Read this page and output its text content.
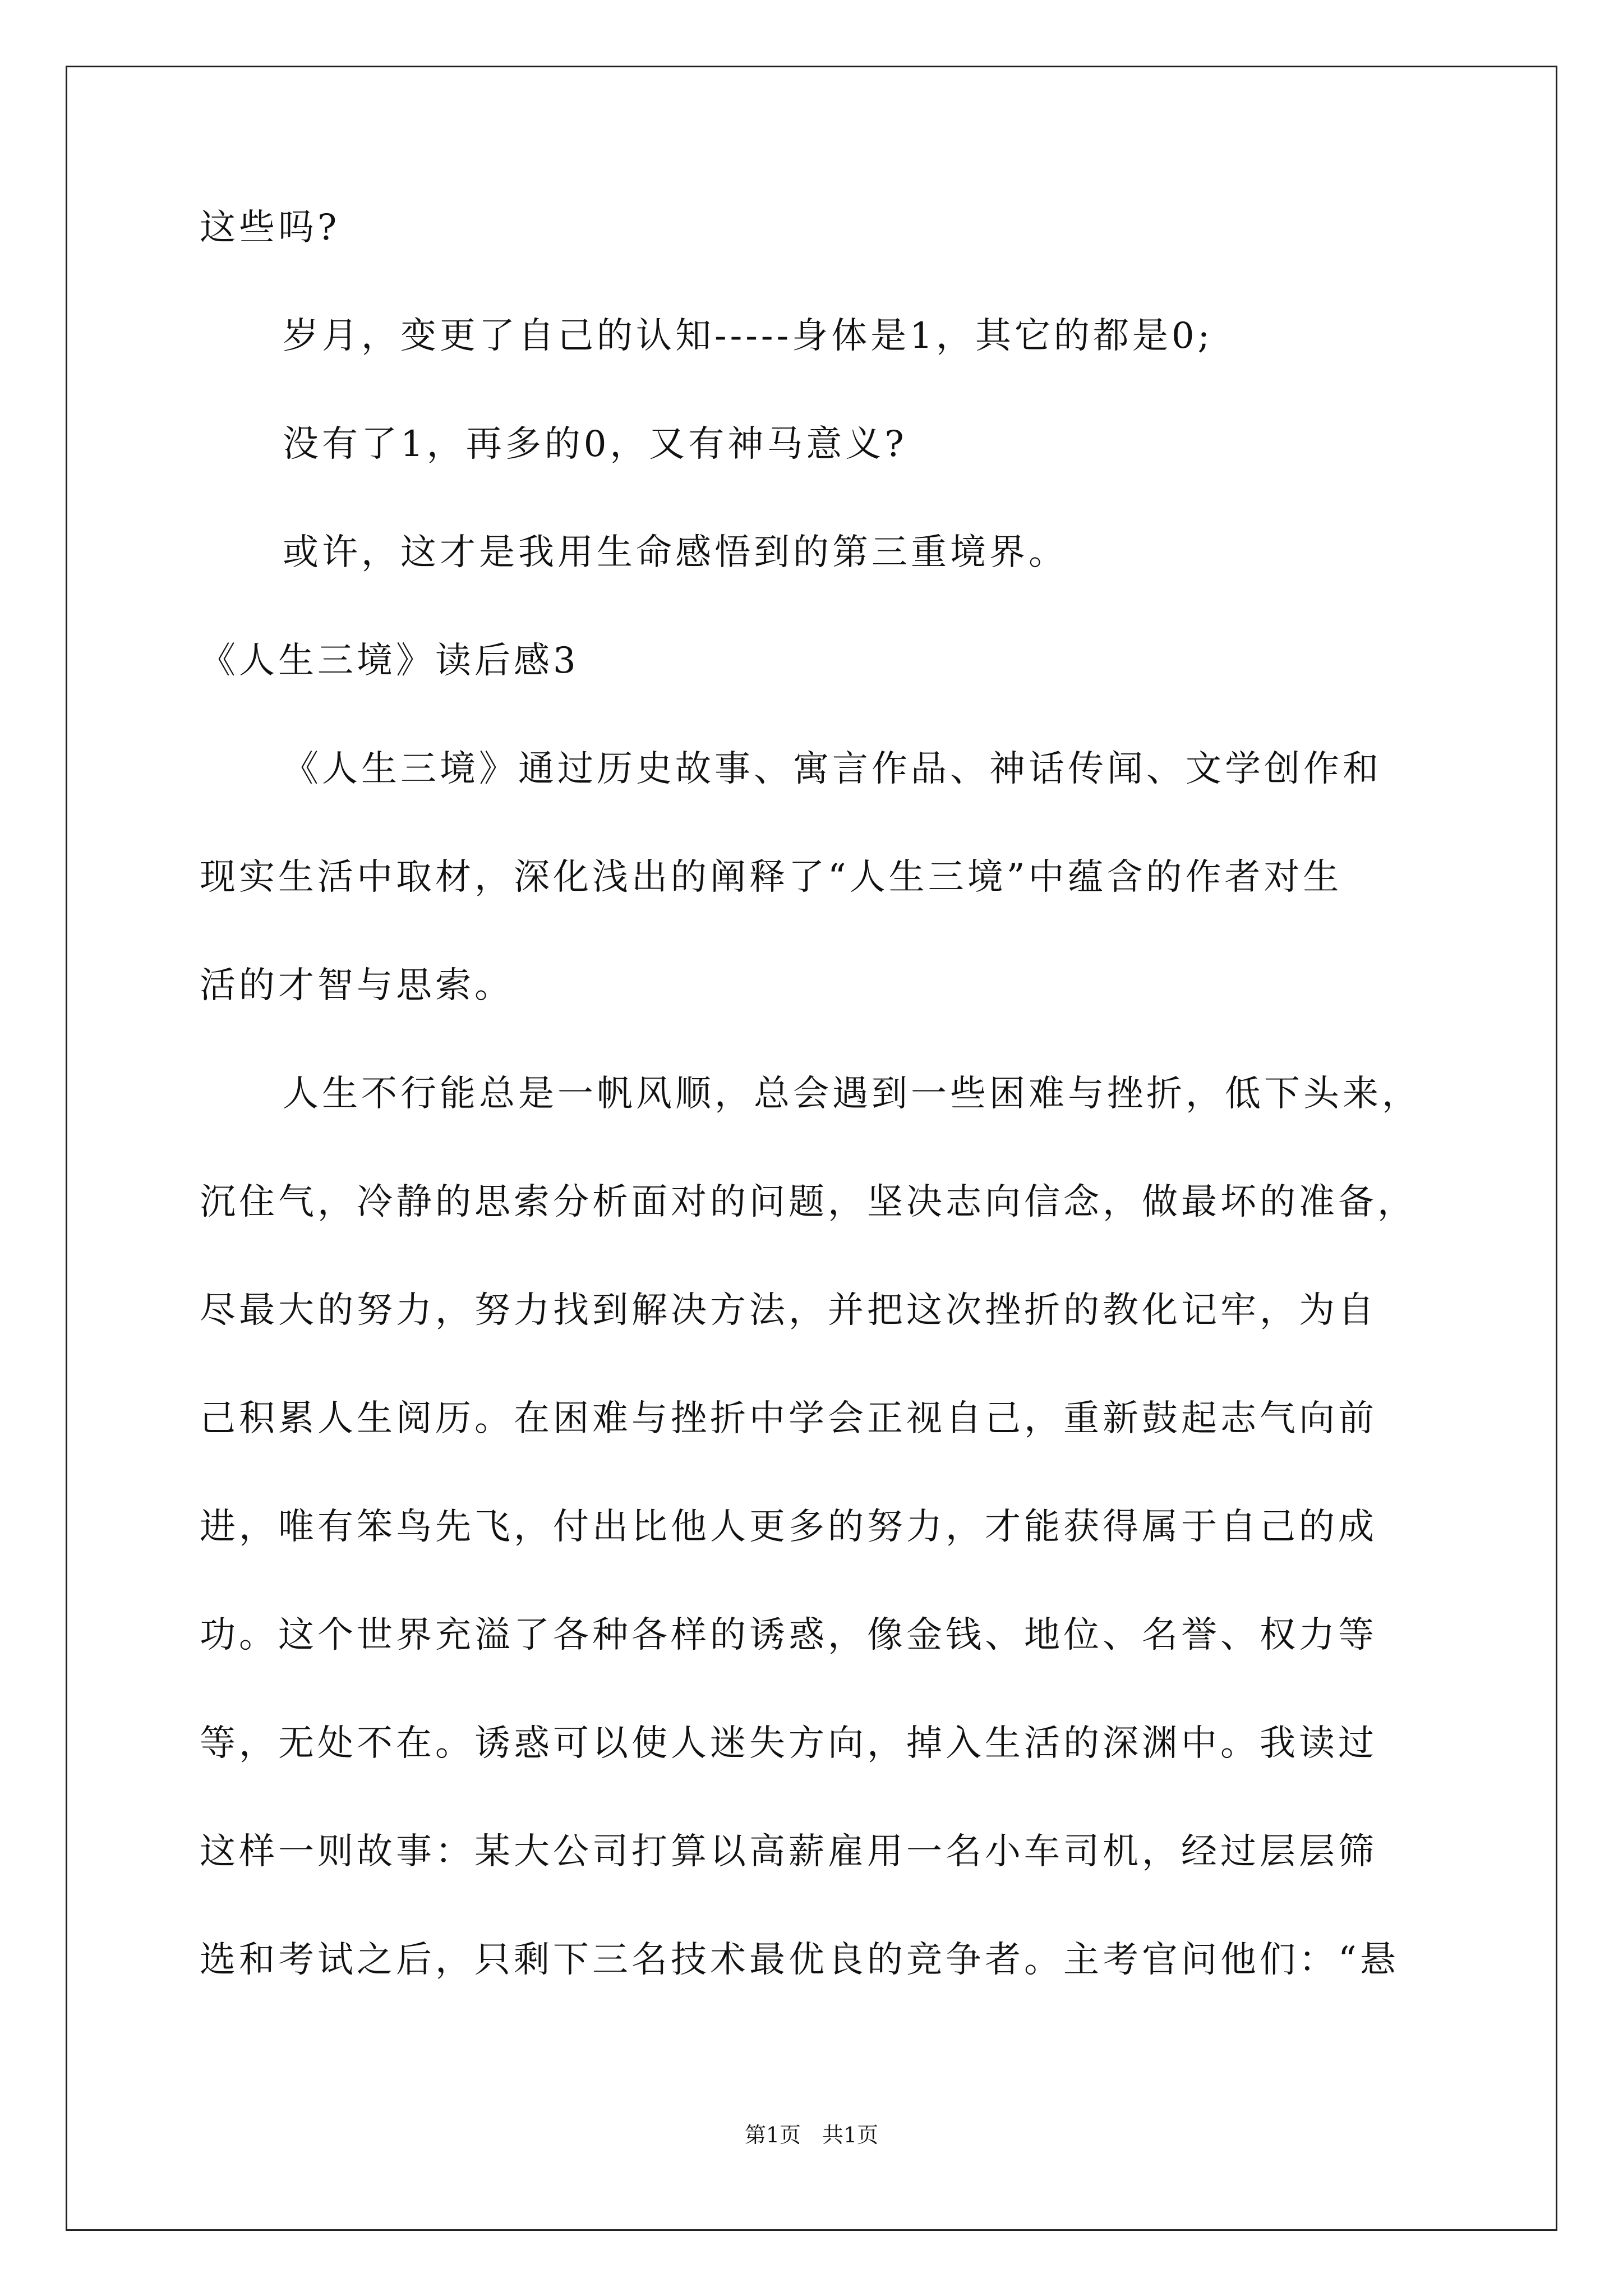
这些吗?
岁月，变更了自己的认知-----身体是1，其它的都是0;
没有了1，再多的0，又有神马意义?
或许，这才是我用生命感悟到的第三重境界。
《人生三境》读后感3
《人生三境》通过历史故事、寓言作品、神话传闻、文学创作和
现实生活中取材，深化浅出的阐释了“人生三境”中蕴含的作者对生
活的才智与思索。
人生不行能总是一帆风顺，总会遇到一些困难与挫折，低下头来，
沉住气，冷静的思索分析面对的问题，坚决志向信念，做最坏的准备，
尽最大的努力，努力找到解决方法，并把这次挫折的教化记牢，为自
己积累人生阅历。在困难与挫折中学会正视自己，重新鼓起志气向前
进，唯有笨鸟先飞，付出比他人更多的努力，才能获得属于自己的成
功。这个世界充溢了各种各样的诱惑，像金钱、地位、名誉、权力等
等，无处不在。诱惑可以使人迷失方向，掉入生活的深渊中。我读过
这样一则故事：某大公司打算以高薪雇用一名小车司机，经过层层筛
选和考试之后，只剩下三名技术最优良的竞争者。主考官问他们：“悬
第1页　共1页
